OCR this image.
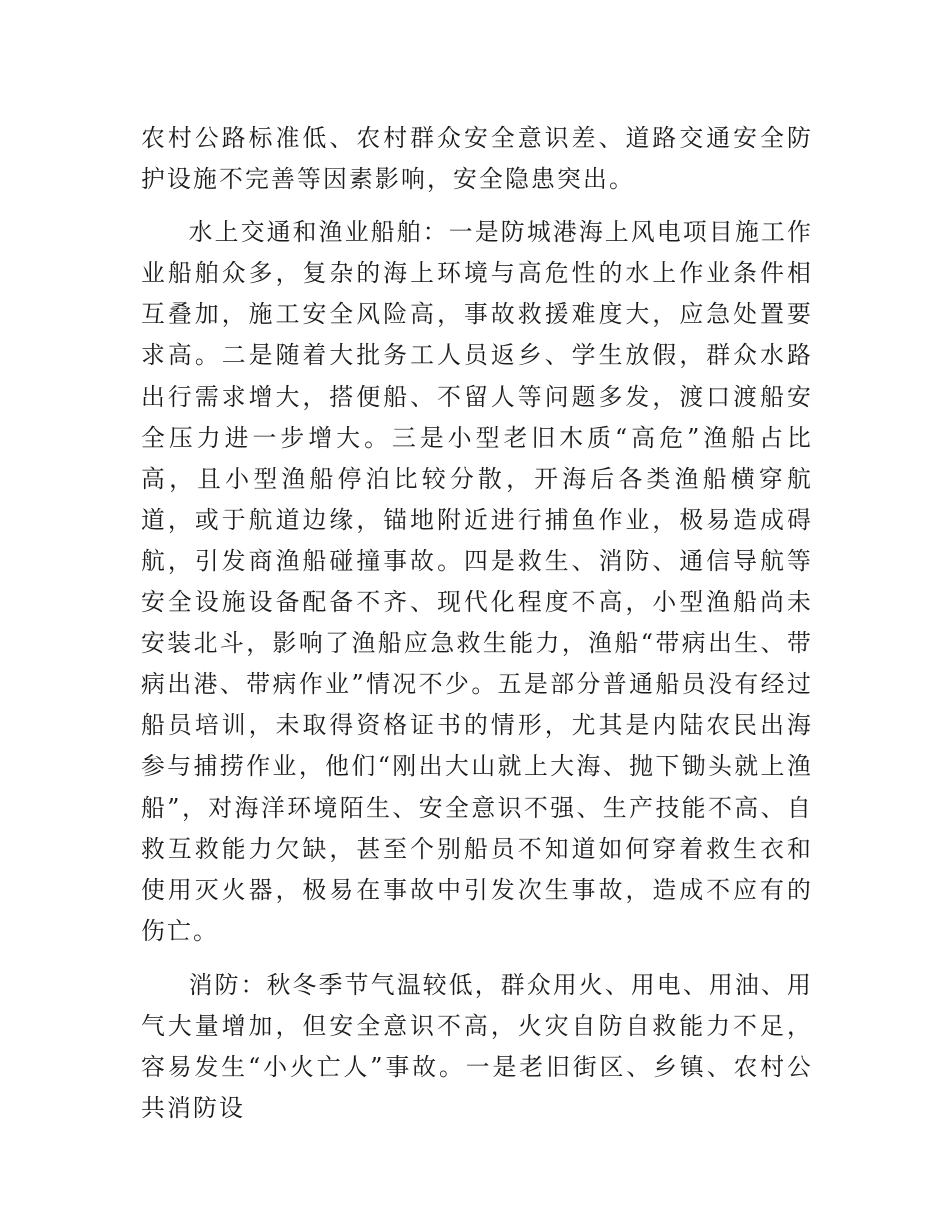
农村公路标准低、农村群众安全意识差、道路交通安全防护设施不完善等因素影响，安全隐患突出。

水上交通和渔业船舶：一是防城港海上风电项目施工作业船舶众多，复杂的海上环境与高危性的水上作业条件相互叠加，施工安全风险高，事故救援难度大，应急处置要求高。二是随着大批务工人员返乡、学生放假，群众水路出行需求增大，搭便船、不留人等问题多发，渡口渡船安全压力进一步增大。三是小型老旧木质“高危”渔船占比高，且小型渔船停泊比较分散，开海后各类渔船横穿航道，或于航道边缘，锚地附近进行捕鱼作业，极易造成碍航，引发商渔船碰撞事故。四是救生、消防、通信导航等安全设施设备配备不齐、现代化程度不高，小型渔船尚未安装北斗，影响了渔船应急救生能力，渔船“带病出生、带病出港、带病作业”情况不少。五是部分普通船员没有经过船员培训，未取得资格证书的情形，尤其是内陆农民出海参与捕捞作业，他们“刚出大山就上大海、抛下锄头就上渔船”，对海洋环境陌生、安全意识不强、生产技能不高、自救互救能力欠缺，甚至个别船员不知道如何穿着救生衣和使用灭火器，极易在事故中引发次生事故，造成不应有的伤亡。

消防：秋冬季节气温较低，群众用火、用电、用油、用气大量增加，但安全意识不高，火灾自防自救能力不足，容易发生“小火亡人”事故。一是老旧街区、乡镇、农村公共消防设
